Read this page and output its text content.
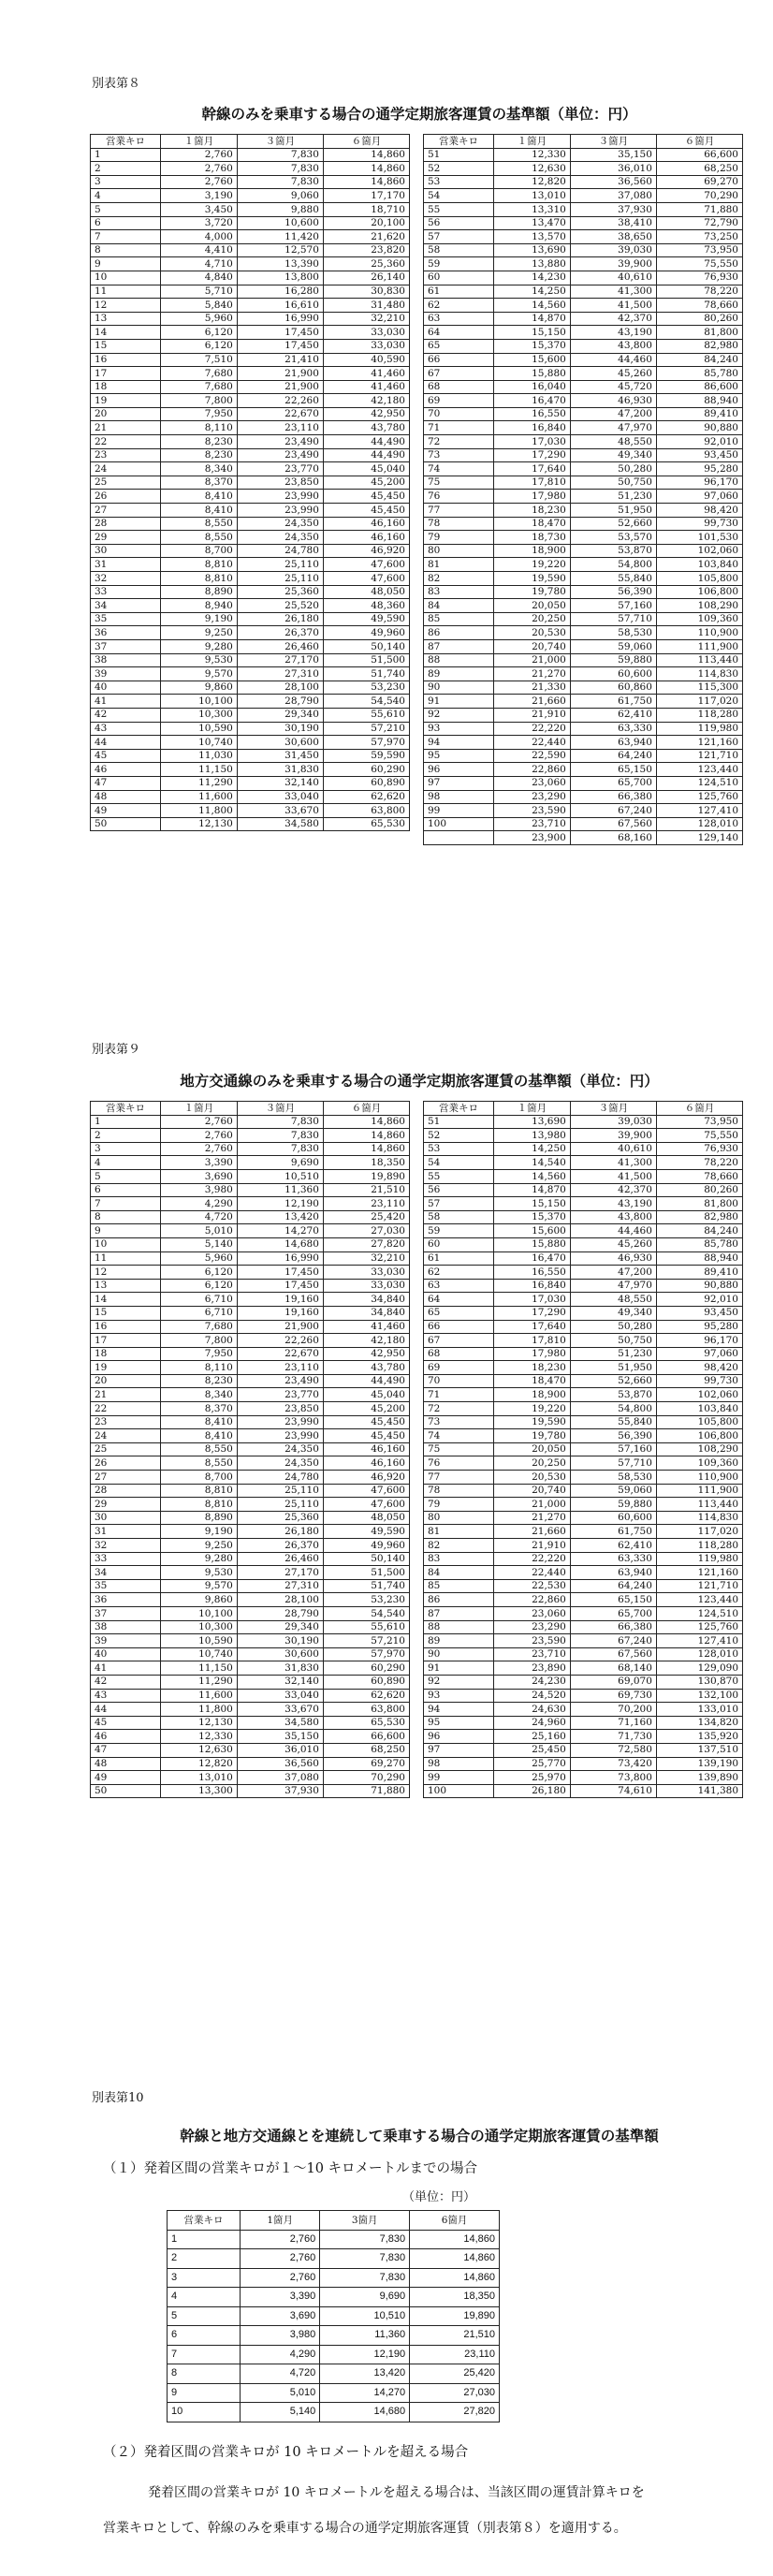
別表第８
幹線のみを乗車する場合の通学定期旅客運賃の基準額（単位：円）
営業キロ	１箇月	３箇月	６箇月
1	2,760	7,830	14,860
2	2,760	7,830	14,860
3	2,760	7,830	14,860
4	3,190	9,060	17,170
5	3,450	9,880	18,710
6	3,720	10,600	20,100
7	4,000	11,420	21,620
8	4,410	12,570	23,820
9	4,710	13,390	25,360
10	4,840	13,800	26,140
11	5,710	16,280	30,830
12	5,840	16,610	31,480
13	5,960	16,990	32,210
14	6,120	17,450	33,030
15	6,120	17,450	33,030
16	7,510	21,410	40,590
17	7,680	21,900	41,460
18	7,680	21,900	41,460
19	7,800	22,260	42,180
20	7,950	22,670	42,950
21	8,110	23,110	43,780
22	8,230	23,490	44,490
23	8,230	23,490	44,490
24	8,340	23,770	45,040
25	8,370	23,850	45,200
26	8,410	23,990	45,450
27	8,410	23,990	45,450
28	8,550	24,350	46,160
29	8,550	24,350	46,160
30	8,700	24,780	46,920
31	8,810	25,110	47,600
32	8,810	25,110	47,600
33	8,890	25,360	48,050
34	8,940	25,520	48,360
35	9,190	26,180	49,590
36	9,250	26,370	49,960
37	9,280	26,460	50,140
38	9,530	27,170	51,500
39	9,570	27,310	51,740
40	9,860	28,100	53,230
41	10,100	28,790	54,540
42	10,300	29,340	55,610
43	10,590	30,190	57,210
44	10,740	30,600	57,970
45	11,030	31,450	59,590
46	11,150	31,830	60,290
47	11,290	32,140	60,890
48	11,600	33,040	62,620
49	11,800	33,670	63,800
50	12,130	34,580	65,530
営業キロ	１箇月	３箇月	６箇月
51	12,330	35,150	66,600
52	12,630	36,010	68,250
53	12,820	36,560	69,270
54	13,010	37,080	70,290
55	13,310	37,930	71,880
56	13,470	38,410	72,790
57	13,570	38,650	73,250
58	13,690	39,030	73,950
59	13,880	39,900	75,550
60	14,230	40,610	76,930
61	14,250	41,300	78,220
62	14,560	41,500	78,660
63	14,870	42,370	80,260
64	15,150	43,190	81,800
65	15,370	43,800	82,980
66	15,600	44,460	84,240
67	15,880	45,260	85,780
68	16,040	45,720	86,600
69	16,470	46,930	88,940
70	16,550	47,200	89,410
71	16,840	47,970	90,880
72	17,030	48,550	92,010
73	17,290	49,340	93,450
74	17,640	50,280	95,280
75	17,810	50,750	96,170
76	17,980	51,230	97,060
77	18,230	51,950	98,420
78	18,470	52,660	99,730
79	18,730	53,570	101,530
80	18,900	53,870	102,060
81	19,220	54,800	103,840
82	19,590	55,840	105,800
83	19,780	56,390	106,800
84	20,050	57,160	108,290
85	20,250	57,710	109,360
86	20,530	58,530	110,900
87	20,740	59,060	111,900
88	21,000	59,880	113,440
89	21,270	60,600	114,830
90	21,330	60,860	115,300
91	21,660	61,750	117,020
92	21,910	62,410	118,280
93	22,220	63,330	119,980
94	22,440	63,940	121,160
95	22,590	64,240	121,710
96	22,860	65,150	123,440
97	23,060	65,700	124,510
98	23,290	66,380	125,760
99	23,590	67,240	127,410
100	23,710	67,560	128,010
	23,900	68,160	129,140
別表第９
地方交通線のみを乗車する場合の通学定期旅客運賃の基準額（単位：円）
営業キロ	１箇月	３箇月	６箇月
1	2,760	7,830	14,860
2	2,760	7,830	14,860
3	2,760	7,830	14,860
4	3,390	9,690	18,350
5	3,690	10,510	19,890
6	3,980	11,360	21,510
7	4,290	12,190	23,110
8	4,720	13,420	25,420
9	5,010	14,270	27,030
10	5,140	14,680	27,820
11	5,960	16,990	32,210
12	6,120	17,450	33,030
13	6,120	17,450	33,030
14	6,710	19,160	34,840
15	6,710	19,160	34,840
16	7,680	21,900	41,460
17	7,800	22,260	42,180
18	7,950	22,670	42,950
19	8,110	23,110	43,780
20	8,230	23,490	44,490
21	8,340	23,770	45,040
22	8,370	23,850	45,200
23	8,410	23,990	45,450
24	8,410	23,990	45,450
25	8,550	24,350	46,160
26	8,550	24,350	46,160
27	8,700	24,780	46,920
28	8,810	25,110	47,600
29	8,810	25,110	47,600
30	8,890	25,360	48,050
31	9,190	26,180	49,590
32	9,250	26,370	49,960
33	9,280	26,460	50,140
34	9,530	27,170	51,500
35	9,570	27,310	51,740
36	9,860	28,100	53,230
37	10,100	28,790	54,540
38	10,300	29,340	55,610
39	10,590	30,190	57,210
40	10,740	30,600	57,970
41	11,150	31,830	60,290
42	11,290	32,140	60,890
43	11,600	33,040	62,620
44	11,800	33,670	63,800
45	12,130	34,580	65,530
46	12,330	35,150	66,600
47	12,630	36,010	68,250
48	12,820	36,560	69,270
49	13,010	37,080	70,290
50	13,300	37,930	71,880
営業キロ	１箇月	３箇月	６箇月
51	13,690	39,030	73,950
52	13,980	39,900	75,550
53	14,250	40,610	76,930
54	14,540	41,300	78,220
55	14,560	41,500	78,660
56	14,870	42,370	80,260
57	15,150	43,190	81,800
58	15,370	43,800	82,980
59	15,600	44,460	84,240
60	15,880	45,260	85,780
61	16,470	46,930	88,940
62	16,550	47,200	89,410
63	16,840	47,970	90,880
64	17,030	48,550	92,010
65	17,290	49,340	93,450
66	17,640	50,280	95,280
67	17,810	50,750	96,170
68	17,980	51,230	97,060
69	18,230	51,950	98,420
70	18,470	52,660	99,730
71	18,900	53,870	102,060
72	19,220	54,800	103,840
73	19,590	55,840	105,800
74	19,780	56,390	106,800
75	20,050	57,160	108,290
76	20,250	57,710	109,360
77	20,530	58,530	110,900
78	20,740	59,060	111,900
79	21,000	59,880	113,440
80	21,270	60,600	114,830
81	21,660	61,750	117,020
82	21,910	62,410	118,280
83	22,220	63,330	119,980
84	22,440	63,940	121,160
85	22,530	64,240	121,710
86	22,860	65,150	123,440
87	23,060	65,700	124,510
88	23,290	66,380	125,760
89	23,590	67,240	127,410
90	23,710	67,560	128,010
91	23,890	68,140	129,090
92	24,230	69,070	130,870
93	24,520	69,730	132,100
94	24,630	70,200	133,010
95	24,960	71,160	134,820
96	25,160	71,730	135,920
97	25,450	72,580	137,510
98	25,770	73,420	139,190
99	25,970	73,800	139,890
100	26,180	74,610	141,380
別表第10
幹線と地方交通線とを連続して乗車する場合の通学定期旅客運賃の基準額
（１）発着区間の営業キロが１～10 キロメートルまでの場合
（単位：円）
営業キロ	1箇月	3箇月	6箇月
1	2,760	7,830	14,860
2	2,760	7,830	14,860
3	2,760	7,830	14,860
4	3,390	9,690	18,350
5	3,690	10,510	19,890
6	3,980	11,360	21,510
7	4,290	12,190	23,110
8	4,720	13,420	25,420
9	5,010	14,270	27,030
10	5,140	14,680	27,820
（２）発着区間の営業キロが 10 キロメートルを超える場合
発着区間の営業キロが 10 キロメートルを超える場合は、当該区間の運賃計算キロを
営業キロとして、幹線のみを乗車する場合の通学定期旅客運賃（別表第８）を適用する。
